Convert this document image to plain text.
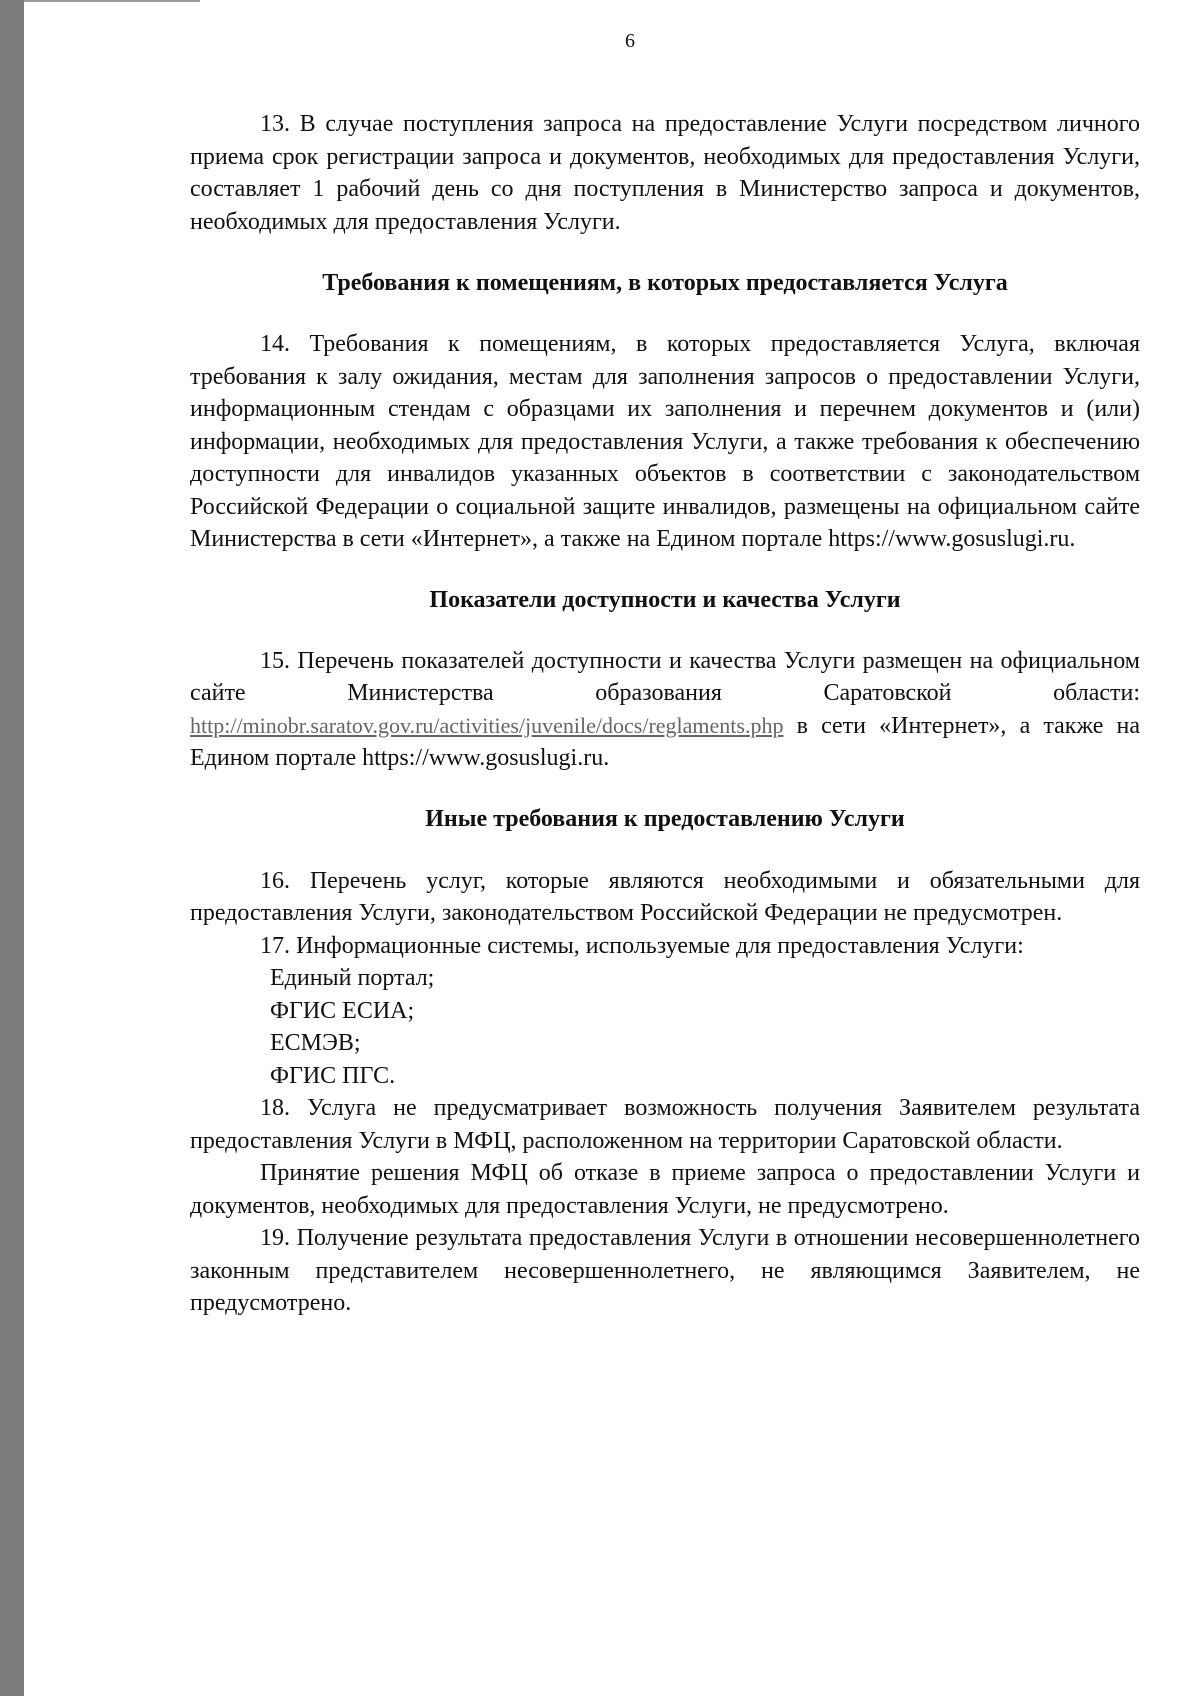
6

13. В случае поступления запроса на предоставление Услуги посредством личного приема срок регистрации запроса и документов, необходимых для предоставления Услуги, составляет 1 рабочий день со дня поступления в Министерство запроса и документов, необходимых для предоставления Услуги.

Требования к помещениям, в которых предоставляется Услуга

14. Требования к помещениям, в которых предоставляется Услуга, включая требования к залу ожидания, местам для заполнения запросов о предоставлении Услуги, информационным стендам с образцами их заполнения и перечнем документов и (или) информации, необходимых для предоставления Услуги, а также требования к обеспечению доступности для инвалидов указанных объектов в соответствии с законодательством Российской Федерации о социальной защите инвалидов, размещены на официальном сайте Министерства в сети «Интернет», а также на Едином портале https://www.gosuslugi.ru.

Показатели доступности и качества Услуги

15. Перечень показателей доступности и качества Услуги размещен на официальном сайте Министерства образования Саратовской области: http://minobr.saratov.gov.ru/activities/juvenile/docs/reglaments.php в сети «Интернет», а также на Едином портале https://www.gosuslugi.ru.

Иные требования к предоставлению Услуги

16. Перечень услуг, которые являются необходимыми и обязательными для предоставления Услуги, законодательством Российской Федерации не предусмотрен.

17. Информационные системы, используемые для предоставления Услуги:

Единый портал;

ФГИС ЕСИА;

ЕСМЭВ;

ФГИС ПГС.

18. Услуга не предусматривает возможность получения Заявителем результата предоставления Услуги в МФЦ, расположенном на территории Саратовской области.

Принятие решения МФЦ об отказе в приеме запроса о предоставлении Услуги и документов, необходимых для предоставления Услуги, не предусмотрено.

19. Получение результата предоставления Услуги в отношении несовершеннолетнего законным представителем несовершеннолетнего, не являющимся Заявителем, не предусмотрено.
